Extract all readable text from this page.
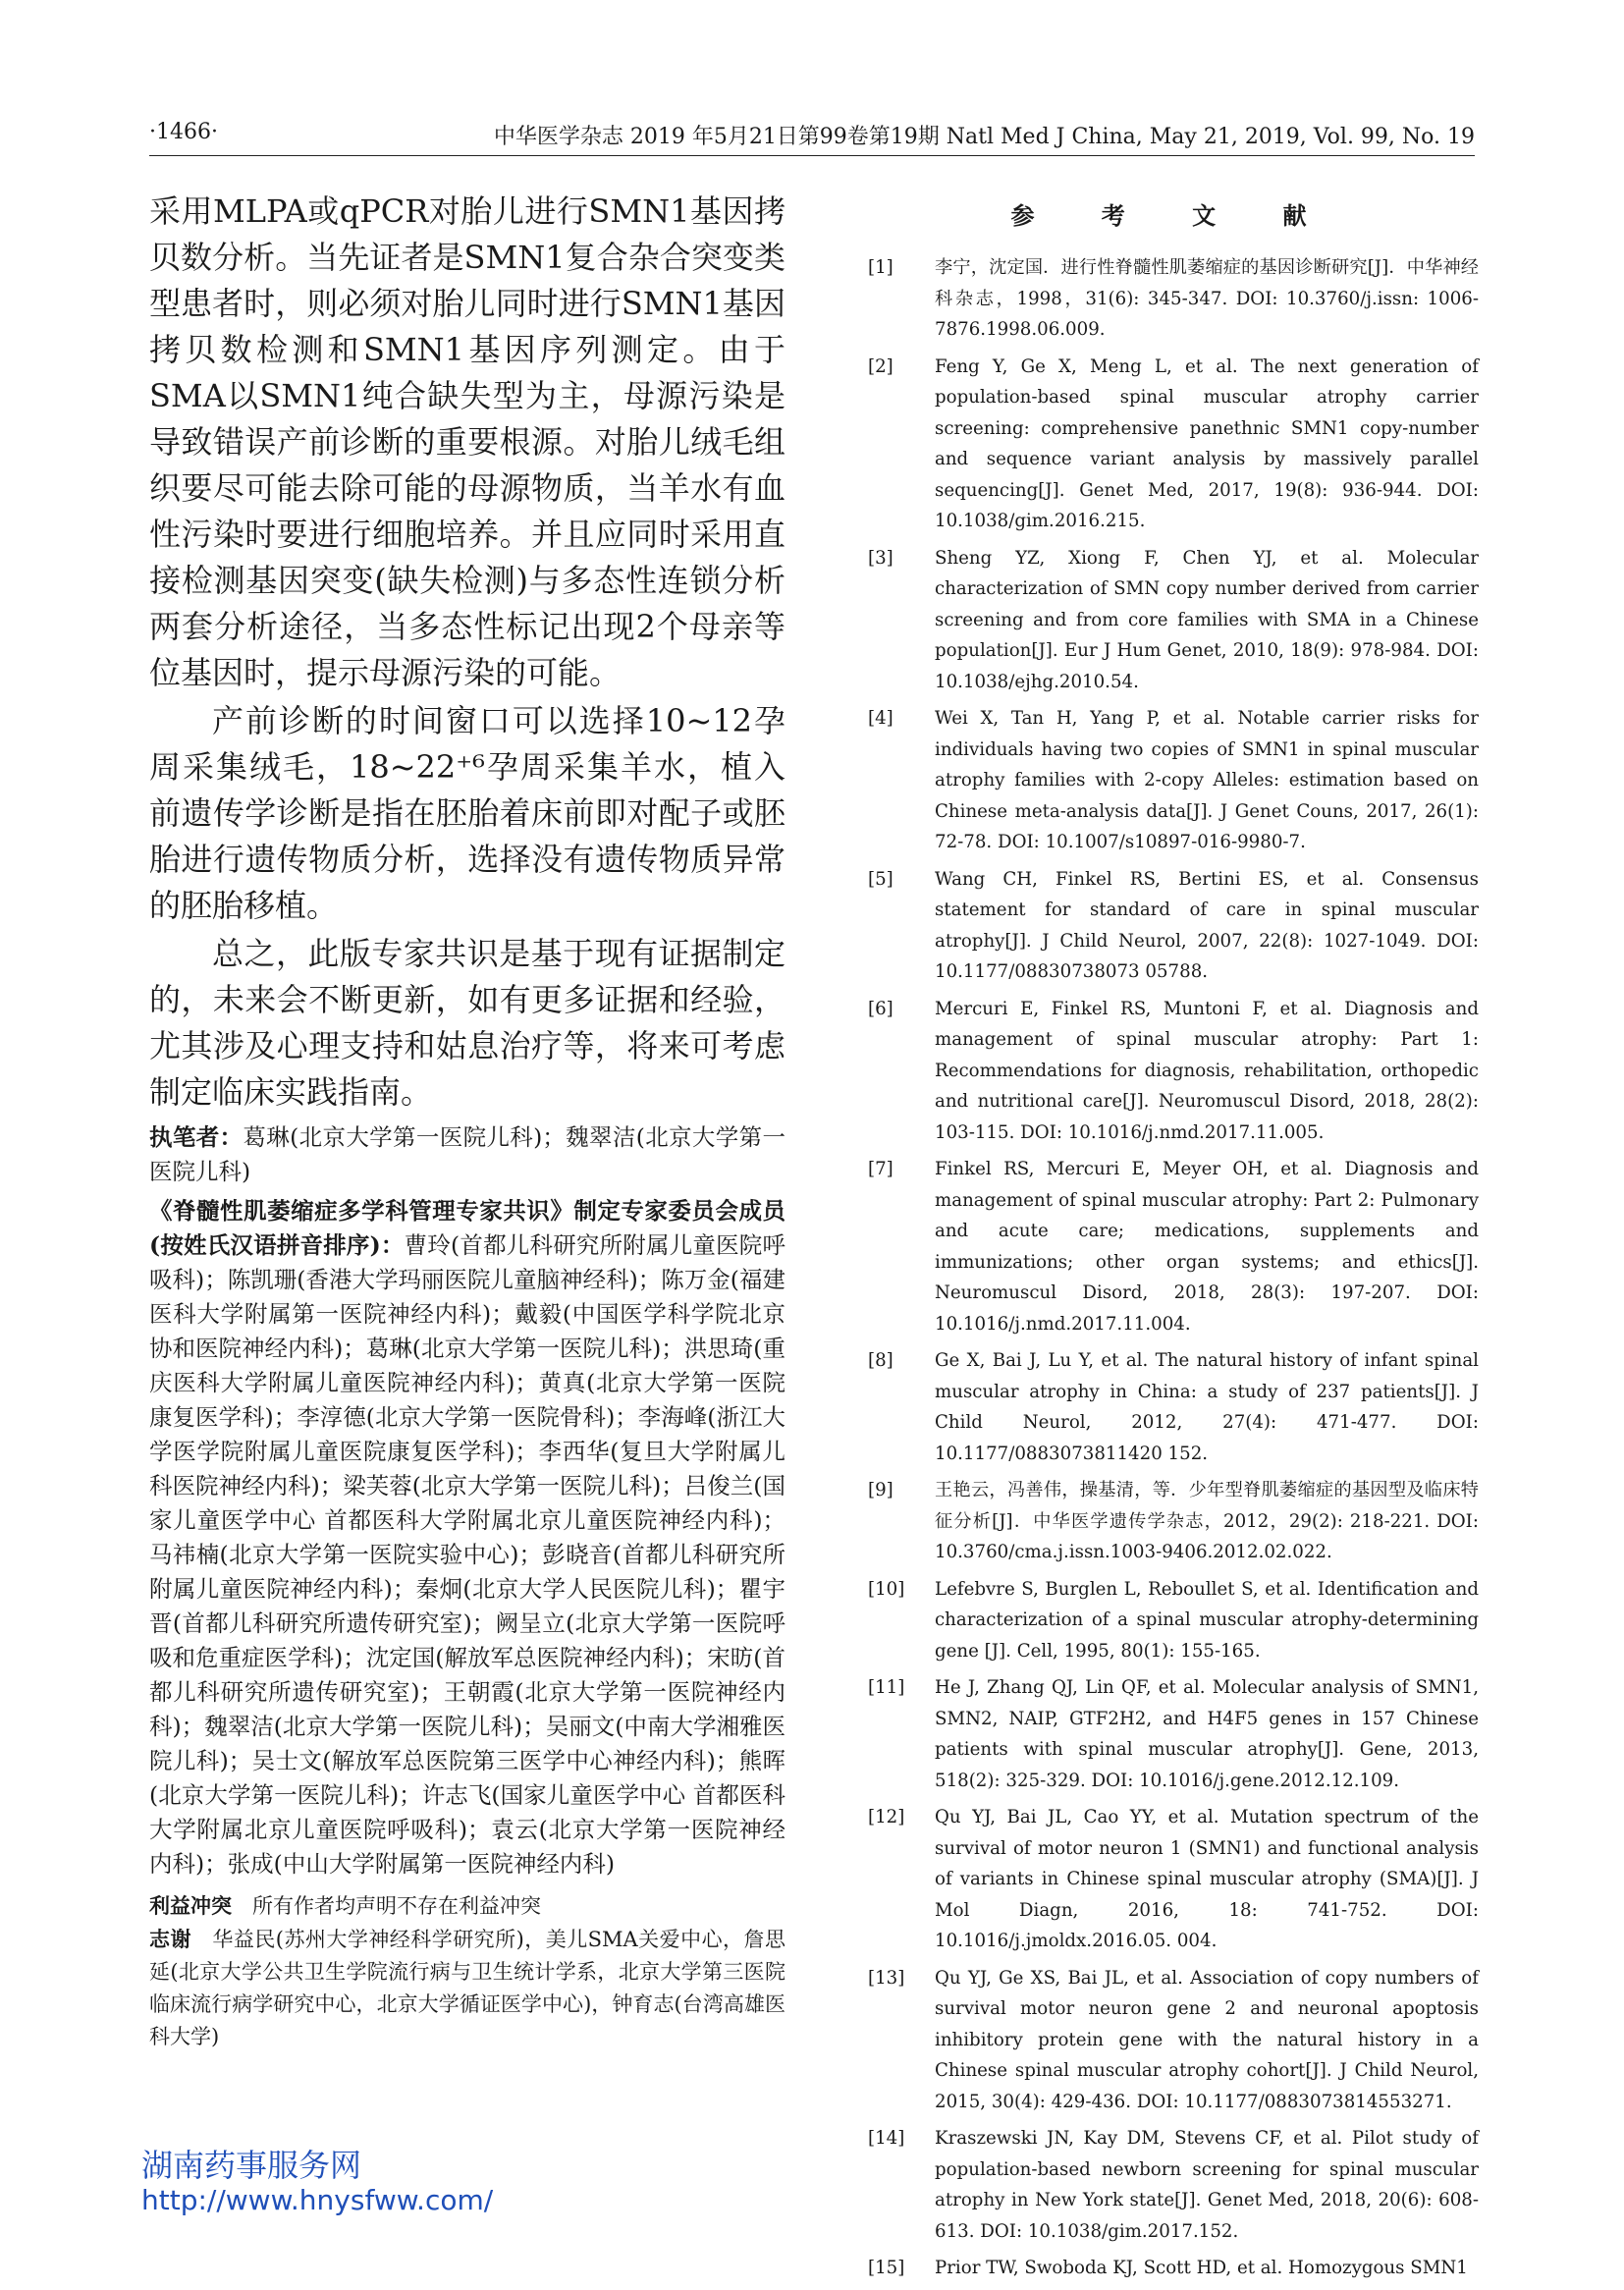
·1466·	中华医学杂志 2019 年5月21日第99卷第19期 Natl Med J China, May 21, 2019, Vol. 99, No. 19

采用MLPA或qPCR对胎儿进行SMN1基因拷贝数分析。当先证者是SMN1复合杂合突变类型患者时，则必须对胎儿同时进行SMN1基因拷贝数检测和SMN1基因序列测定。由于SMA以SMN1纯合缺失型为主，母源污染是导致错误产前诊断的重要根源。对胎儿绒毛组织要尽可能去除可能的母源物质，当羊水有血性污染时要进行细胞培养。并且应同时采用直接检测基因突变(缺失检测)与多态性连锁分析两套分析途径，当多态性标记出现2个母亲等位基因时，提示母源污染的可能。

产前诊断的时间窗口可以选择10~12孕周采集绒毛，18~22⁺⁶孕周采集羊水，植入前遗传学诊断是指在胚胎着床前即对配子或胚胎进行遗传物质分析，选择没有遗传物质异常的胚胎移植。

总之，此版专家共识是基于现有证据制定的，未来会不断更新，如有更多证据和经验，尤其涉及心理支持和姑息治疗等，将来可考虑制定临床实践指南。

执笔者：葛琳(北京大学第一医院儿科)；魏翠洁(北京大学第一医院儿科)

《脊髓性肌萎缩症多学科管理专家共识》制定专家委员会成员(按姓氏汉语拼音排序)：曹玲(首都儿科研究所附属儿童医院呼吸科)；陈凯珊(香港大学玛丽医院儿童脑神经科)；陈万金(福建医科大学附属第一医院神经内科)；戴毅(中国医学科学院北京协和医院神经内科)；葛琳(北京大学第一医院儿科)；洪思琦(重庆医科大学附属儿童医院神经内科)；黄真(北京大学第一医院康复医学科)；李淳德(北京大学第一医院骨科)；李海峰(浙江大学医学院附属儿童医院康复医学科)；李西华(复旦大学附属儿科医院神经内科)；梁芙蓉(北京大学第一医院儿科)；吕俊兰(国家儿童医学中心 首都医科大学附属北京儿童医院神经内科)；马祎楠(北京大学第一医院实验中心)；彭晓音(首都儿科研究所附属儿童医院神经内科)；秦炯(北京大学人民医院儿科)；瞿宇晋(首都儿科研究所遗传研究室)；阙呈立(北京大学第一医院呼吸和危重症医学科)；沈定国(解放军总医院神经内科)；宋昉(首都儿科研究所遗传研究室)；王朝霞(北京大学第一医院神经内科)；魏翠洁(北京大学第一医院儿科)；吴丽文(中南大学湘雅医院儿科)；吴士文(解放军总医院第三医学中心神经内科)；熊晖(北京大学第一医院儿科)；许志飞(国家儿童医学中心 首都医科大学附属北京儿童医院呼吸科)；袁云(北京大学第一医院神经内科)；张成(中山大学附属第一医院神经内科)

利益冲突　 所有作者均声明不存在利益冲突

志谢　 华益民(苏州大学神经科学研究所)，美儿SMA关爱中心，詹思延(北京大学公共卫生学院流行病与卫生统计学系，北京大学第三医院临床流行病学研究中心，北京大学循证医学中心)，钟育志(台湾高雄医科大学)

参 考 文 献

[1]	李宁，沈定国．进行性脊髓性肌萎缩症的基因诊断研究[J]．中华神经科杂志，1998，31(6): 345-347. DOI: 10.3760/j.issn: 1006-7876.1998.06.009.
[2]	Feng Y, Ge X, Meng L, et al. The next generation of population-based spinal muscular atrophy carrier screening: comprehensive panethnic SMN1 copy-number and sequence variant analysis by massively parallel sequencing[J]. Genet Med, 2017, 19(8): 936-944. DOI: 10.1038/gim.2016.215.
[3]	Sheng YZ, Xiong F, Chen YJ, et al. Molecular characterization of SMN copy number derived from carrier screening and from core families with SMA in a Chinese population[J]. Eur J Hum Genet, 2010, 18(9): 978-984. DOI: 10.1038/ejhg.2010.54.
[4]	Wei X, Tan H, Yang P, et al. Notable carrier risks for individuals having two copies of SMN1 in spinal muscular atrophy families with 2-copy Alleles: estimation based on Chinese meta-analysis data[J]. J Genet Couns, 2017, 26(1): 72-78. DOI: 10.1007/s10897-016-9980-7.
[5]	Wang CH, Finkel RS, Bertini ES, et al. Consensus statement for standard of care in spinal muscular atrophy[J]. J Child Neurol, 2007, 22(8): 1027-1049. DOI: 10.1177/08830738073 05788.
[6]	Mercuri E, Finkel RS, Muntoni F, et al. Diagnosis and management of spinal muscular atrophy: Part 1: Recommendations for diagnosis, rehabilitation, orthopedic and nutritional care[J]. Neuromuscul Disord, 2018, 28(2): 103-115. DOI: 10.1016/j.nmd.2017.11.005.
[7]	Finkel RS, Mercuri E, Meyer OH, et al. Diagnosis and management of spinal muscular atrophy: Part 2: Pulmonary and acute care; medications, supplements and immunizations; other organ systems; and ethics[J]. Neuromuscul Disord, 2018, 28(3): 197-207. DOI: 10.1016/j.nmd.2017.11.004.
[8]	Ge X, Bai J, Lu Y, et al. The natural history of infant spinal muscular atrophy in China: a study of 237 patients[J]. J Child Neurol, 2012, 27(4): 471-477. DOI: 10.1177/0883073811420 152.
[9]	王艳云，冯善伟，操基清，等．少年型脊肌萎缩症的基因型及临床特征分析[J]．中华医学遗传学杂志，2012，29(2): 218-221. DOI: 10.3760/cma.j.issn.1003-9406.2012.02.022.
[10]	Lefebvre S, Burglen L, Reboullet S, et al. Identification and characterization of a spinal muscular atrophy-determining gene [J]. Cell, 1995, 80(1): 155-165.
[11]	He J, Zhang QJ, Lin QF, et al. Molecular analysis of SMN1, SMN2, NAIP, GTF2H2, and H4F5 genes in 157 Chinese patients with spinal muscular atrophy[J]. Gene, 2013, 518(2): 325-329. DOI: 10.1016/j.gene.2012.12.109.
[12]	Qu YJ, Bai JL, Cao YY, et al. Mutation spectrum of the survival of motor neuron 1 (SMN1) and functional analysis of variants in Chinese spinal muscular atrophy (SMA)[J]. J Mol Diagn, 2016, 18: 741-752. DOI: 10.1016/j.jmoldx.2016.05. 004.
[13]	Qu YJ, Ge XS, Bai JL, et al. Association of copy numbers of survival motor neuron gene 2 and neuronal apoptosis inhibitory protein gene with the natural history in a Chinese spinal muscular atrophy cohort[J]. J Child Neurol, 2015, 30(4): 429-436. DOI: 10.1177/0883073814553271.
[14]	Kraszewski JN, Kay DM, Stevens CF, et al. Pilot study of population-based newborn screening for spinal muscular atrophy in New York state[J]. Genet Med, 2018, 20(6): 608-613. DOI: 10.1038/gim.2017.152.
[15]	Prior TW, Swoboda KJ, Scott HD, et al. Homozygous SMN1
湖南药事服务网
http://www.hnysfww.com/
